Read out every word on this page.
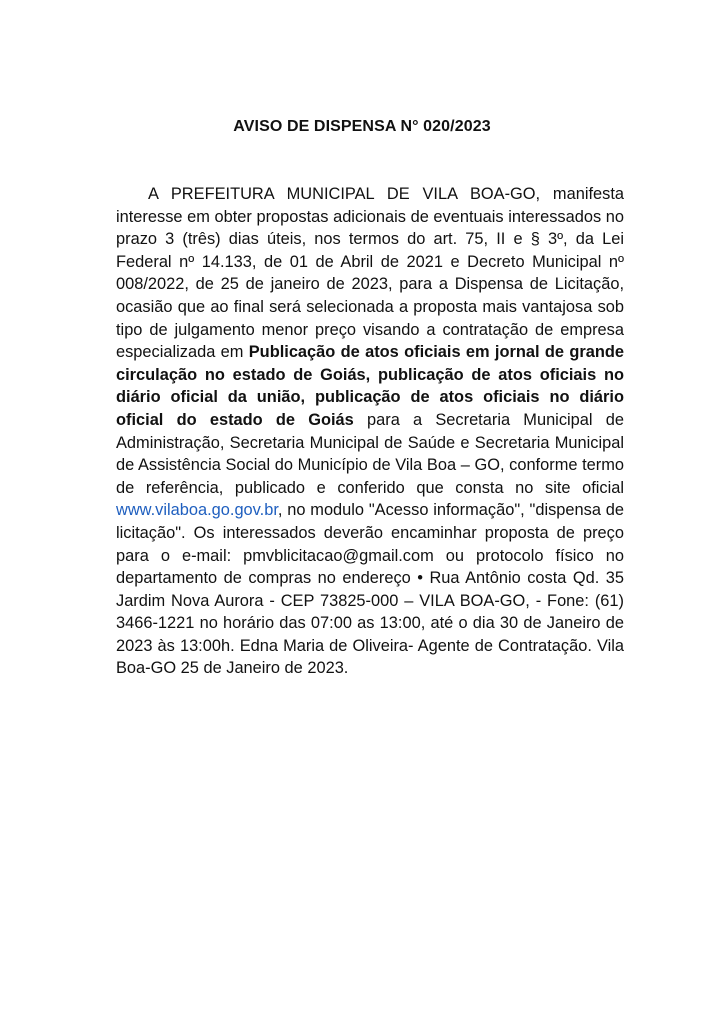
AVISO DE DISPENSA N° 020/2023

A PREFEITURA MUNICIPAL DE VILA BOA-GO, manifesta interesse em obter propostas adicionais de eventuais interessados no prazo 3 (três) dias úteis, nos termos do art. 75, II e § 3º, da Lei Federal nº 14.133, de 01 de Abril de 2021 e Decreto Municipal nº 008/2022, de 25 de janeiro de 2023, para a Dispensa de Licitação, ocasião que ao final será selecionada a proposta mais vantajosa sob tipo de julgamento menor preço visando a contratação de empresa especializada em Publicação de atos oficiais em jornal de grande circulação no estado de Goiás, publicação de atos oficiais no diário oficial da união, publicação de atos oficiais no diário oficial do estado de Goiás para a Secretaria Municipal de Administração, Secretaria Municipal de Saúde e Secretaria Municipal de Assistência Social do Município de Vila Boa – GO, conforme termo de referência, publicado e conferido que consta no site oficial www.vilaboa.go.gov.br, no modulo "Acesso informação", "dispensa de licitação". Os interessados deverão encaminhar proposta de preço para o e-mail: pmvblicitacao@gmail.com ou protocolo físico no departamento de compras no endereço • Rua Antônio costa Qd. 35 Jardim Nova Aurora - CEP 73825-000 – VILA BOA-GO, - Fone: (61) 3466-1221 no horário das 07:00 as 13:00, até o dia 30 de Janeiro de 2023 às 13:00h. Edna Maria de Oliveira- Agente de Contratação. Vila Boa-GO 25 de Janeiro de 2023.
